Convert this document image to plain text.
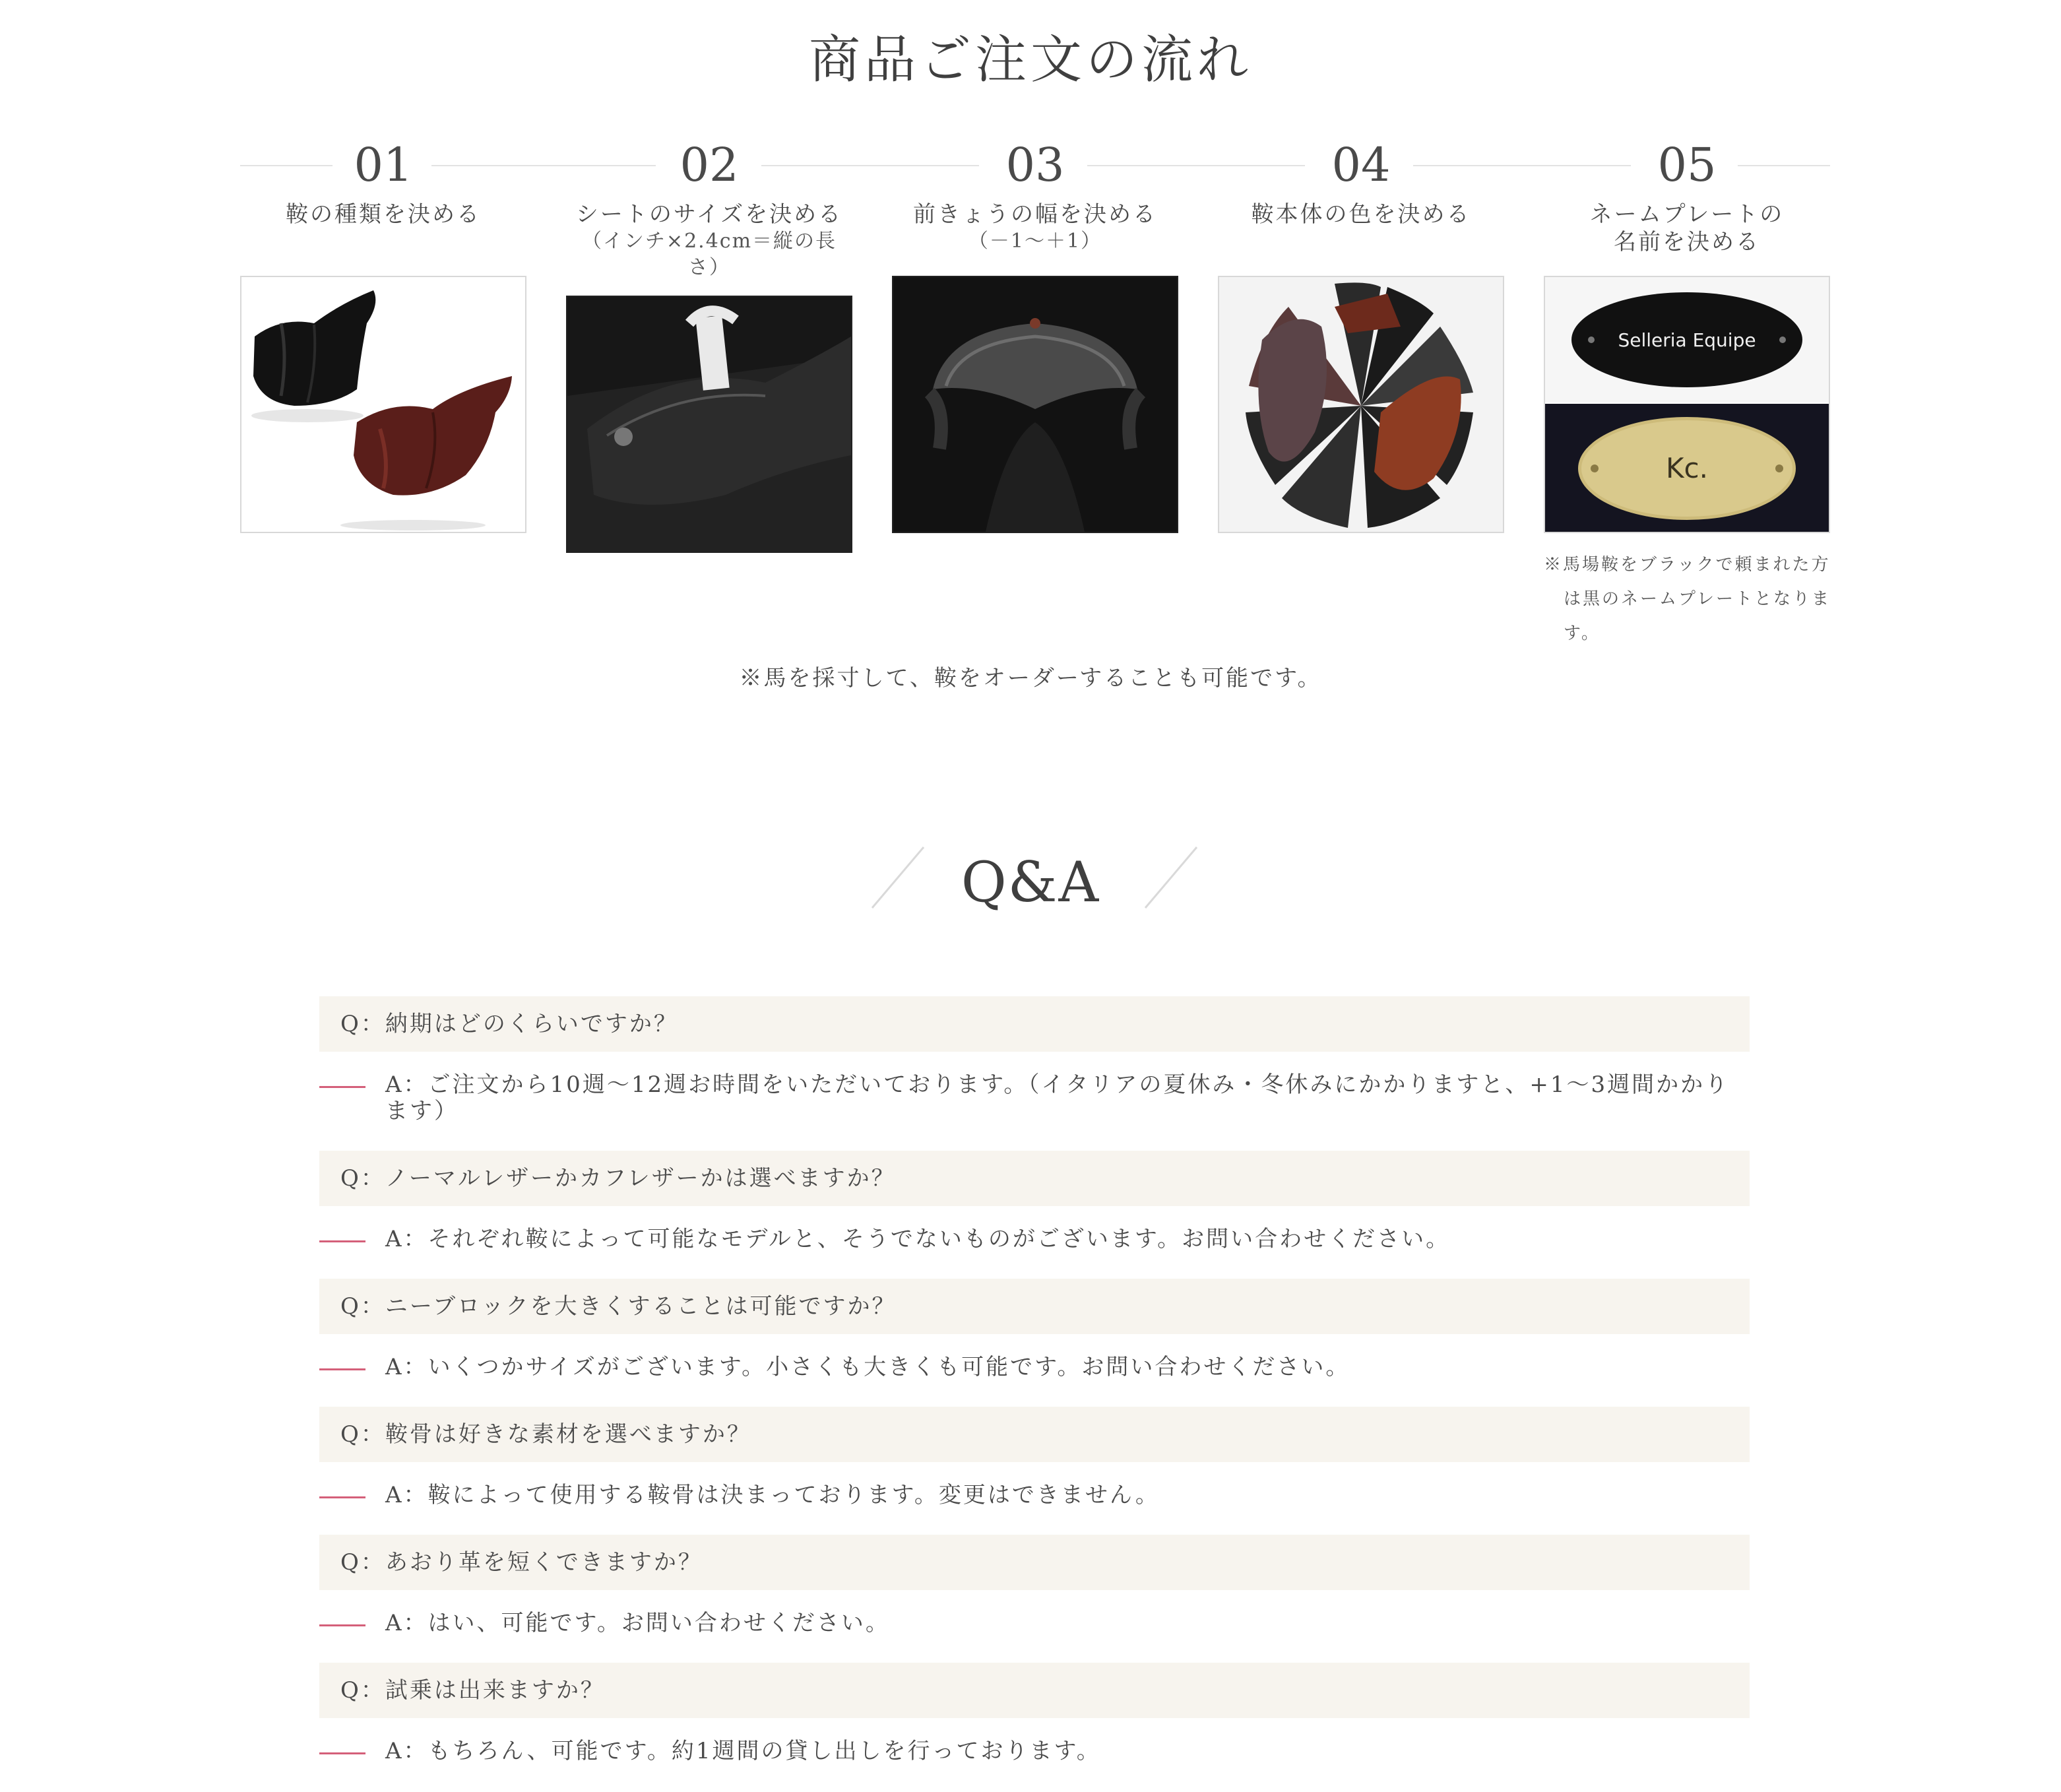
商品ご注文の流れ
01
鞍の種類を決める
02
シートのサイズを決める
（インチ×2.4cm＝縦の長さ）
03
前きょうの幅を決める
（－1～＋1）
04
鞍本体の色を決める
05
ネームプレートの名前を決める
Selleria Equipe
Kc.
※馬場鞍をブラックで頼まれた方
は黒のネームプレートとなりま
す。
※馬を採寸して、鞍をオーダーすることも可能です。
Q&A
Q：納期はどのくらいですか？
A：ご注文から10週～12週お時間をいただいております。（イタリアの夏休み・冬休みにかかりますと、+1～3週間かかります）
Q：ノーマルレザーかカフレザーかは選べますか？
A：それぞれ鞍によって可能なモデルと、そうでないものがございます。お問い合わせください。
Q：ニーブロックを大きくすることは可能ですか？
A：いくつかサイズがございます。小さくも大きくも可能です。お問い合わせください。
Q：鞍骨は好きな素材を選べますか？
A：鞍によって使用する鞍骨は決まっております。変更はできません。
Q：あおり革を短くできますか？
A：はい、可能です。お問い合わせください。
Q：試乗は出来ますか？
A：もちろん、可能です。約1週間の貸し出しを行っております。
